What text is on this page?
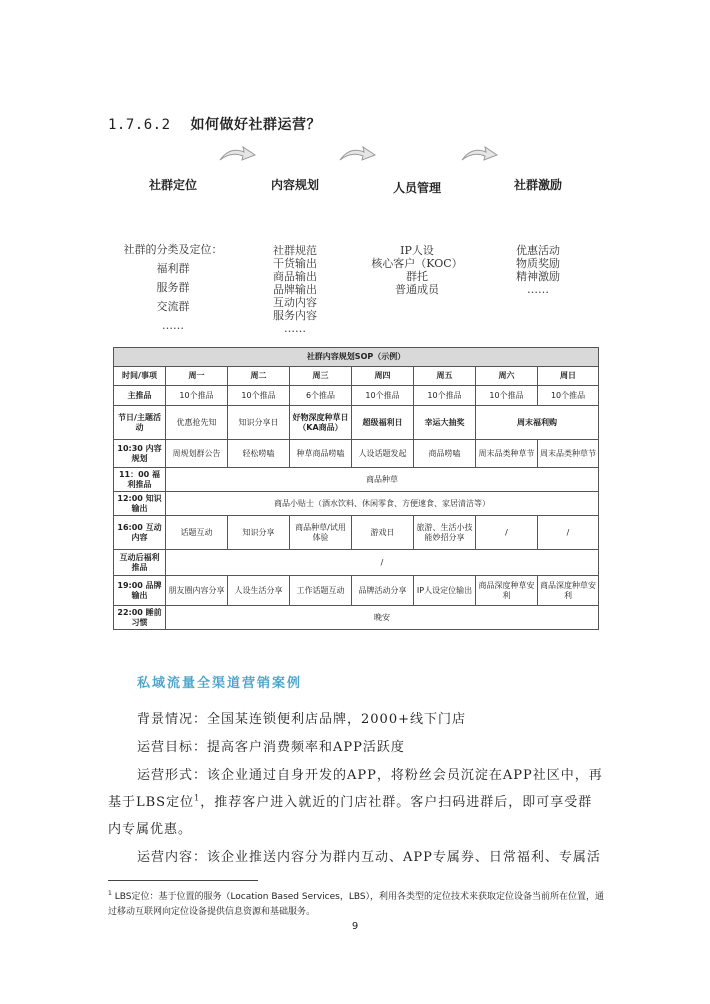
1.7.6.2 如何做好社群运营？
社群定位	内容规划	人员管理	社群激励
社群的分类及定位：
福利群
服务群
交流群
……
社群规范
干货输出
商品输出
品牌输出
互动内容
服务内容
……
IP人设
核心客户（KOC）
群托
普通成员
优惠活动
物质奖励
精神激励
……
社群内容规划SOP（示例）							
时间/事项	周一	周二	周三	周四	周五	周六	周日
主推品	10个推品	10个推品	6个推品	10个推品	10个推品	10个推品	10个推品
节日/主题活动	优惠抢先知	知识分享日	好物深度种草日（KA商品）	超级福利日	幸运大抽奖	周末福利购	
10:30 内容规划	周规划群公告	轻松唠嗑	种草商品唠嗑	人设话题发起	商品唠嗑	周末品类种草节	周末品类种草节
11：00 福利推品	商品种草						
12:00 知识输出	商品小贴士（酒水饮料、休闲零食、方便速食、家居清洁等）						
16:00 互动内容	话题互动	知识分享	商品种草/试用体验	游戏日	旅游、生活小技能妙招分享	/	/
互动后福利推品	/						
19:00 品牌输出	朋友圈内容分享	人设生活分享	工作话题互动	品牌活动分享	IP人设定位输出	商品深度种草安利	商品深度种草安利
22:00 睡前习惯	晚安						
私域流量全渠道营销案例
背景情况：全国某连锁便利店品牌，2000+线下门店
运营目标：提高客户消费频率和APP活跃度
运营形式：该企业通过自身开发的APP，将粉丝会员沉淀在APP社区中，再基于LBS定位$^1$，推荐客户进入就近的门店社群。客户扫码进群后，即可享受群内专属优惠。
运营内容：该企业推送内容分为群内互动、APP专属券、日常福利、专属活
$^1$ LBS定位：基于位置的服务（Location Based Services，LBS），利用各类型的定位技术来获取定位设备当前所在位置，通过移动互联网向定位设备提供信息资源和基础服务。
9
